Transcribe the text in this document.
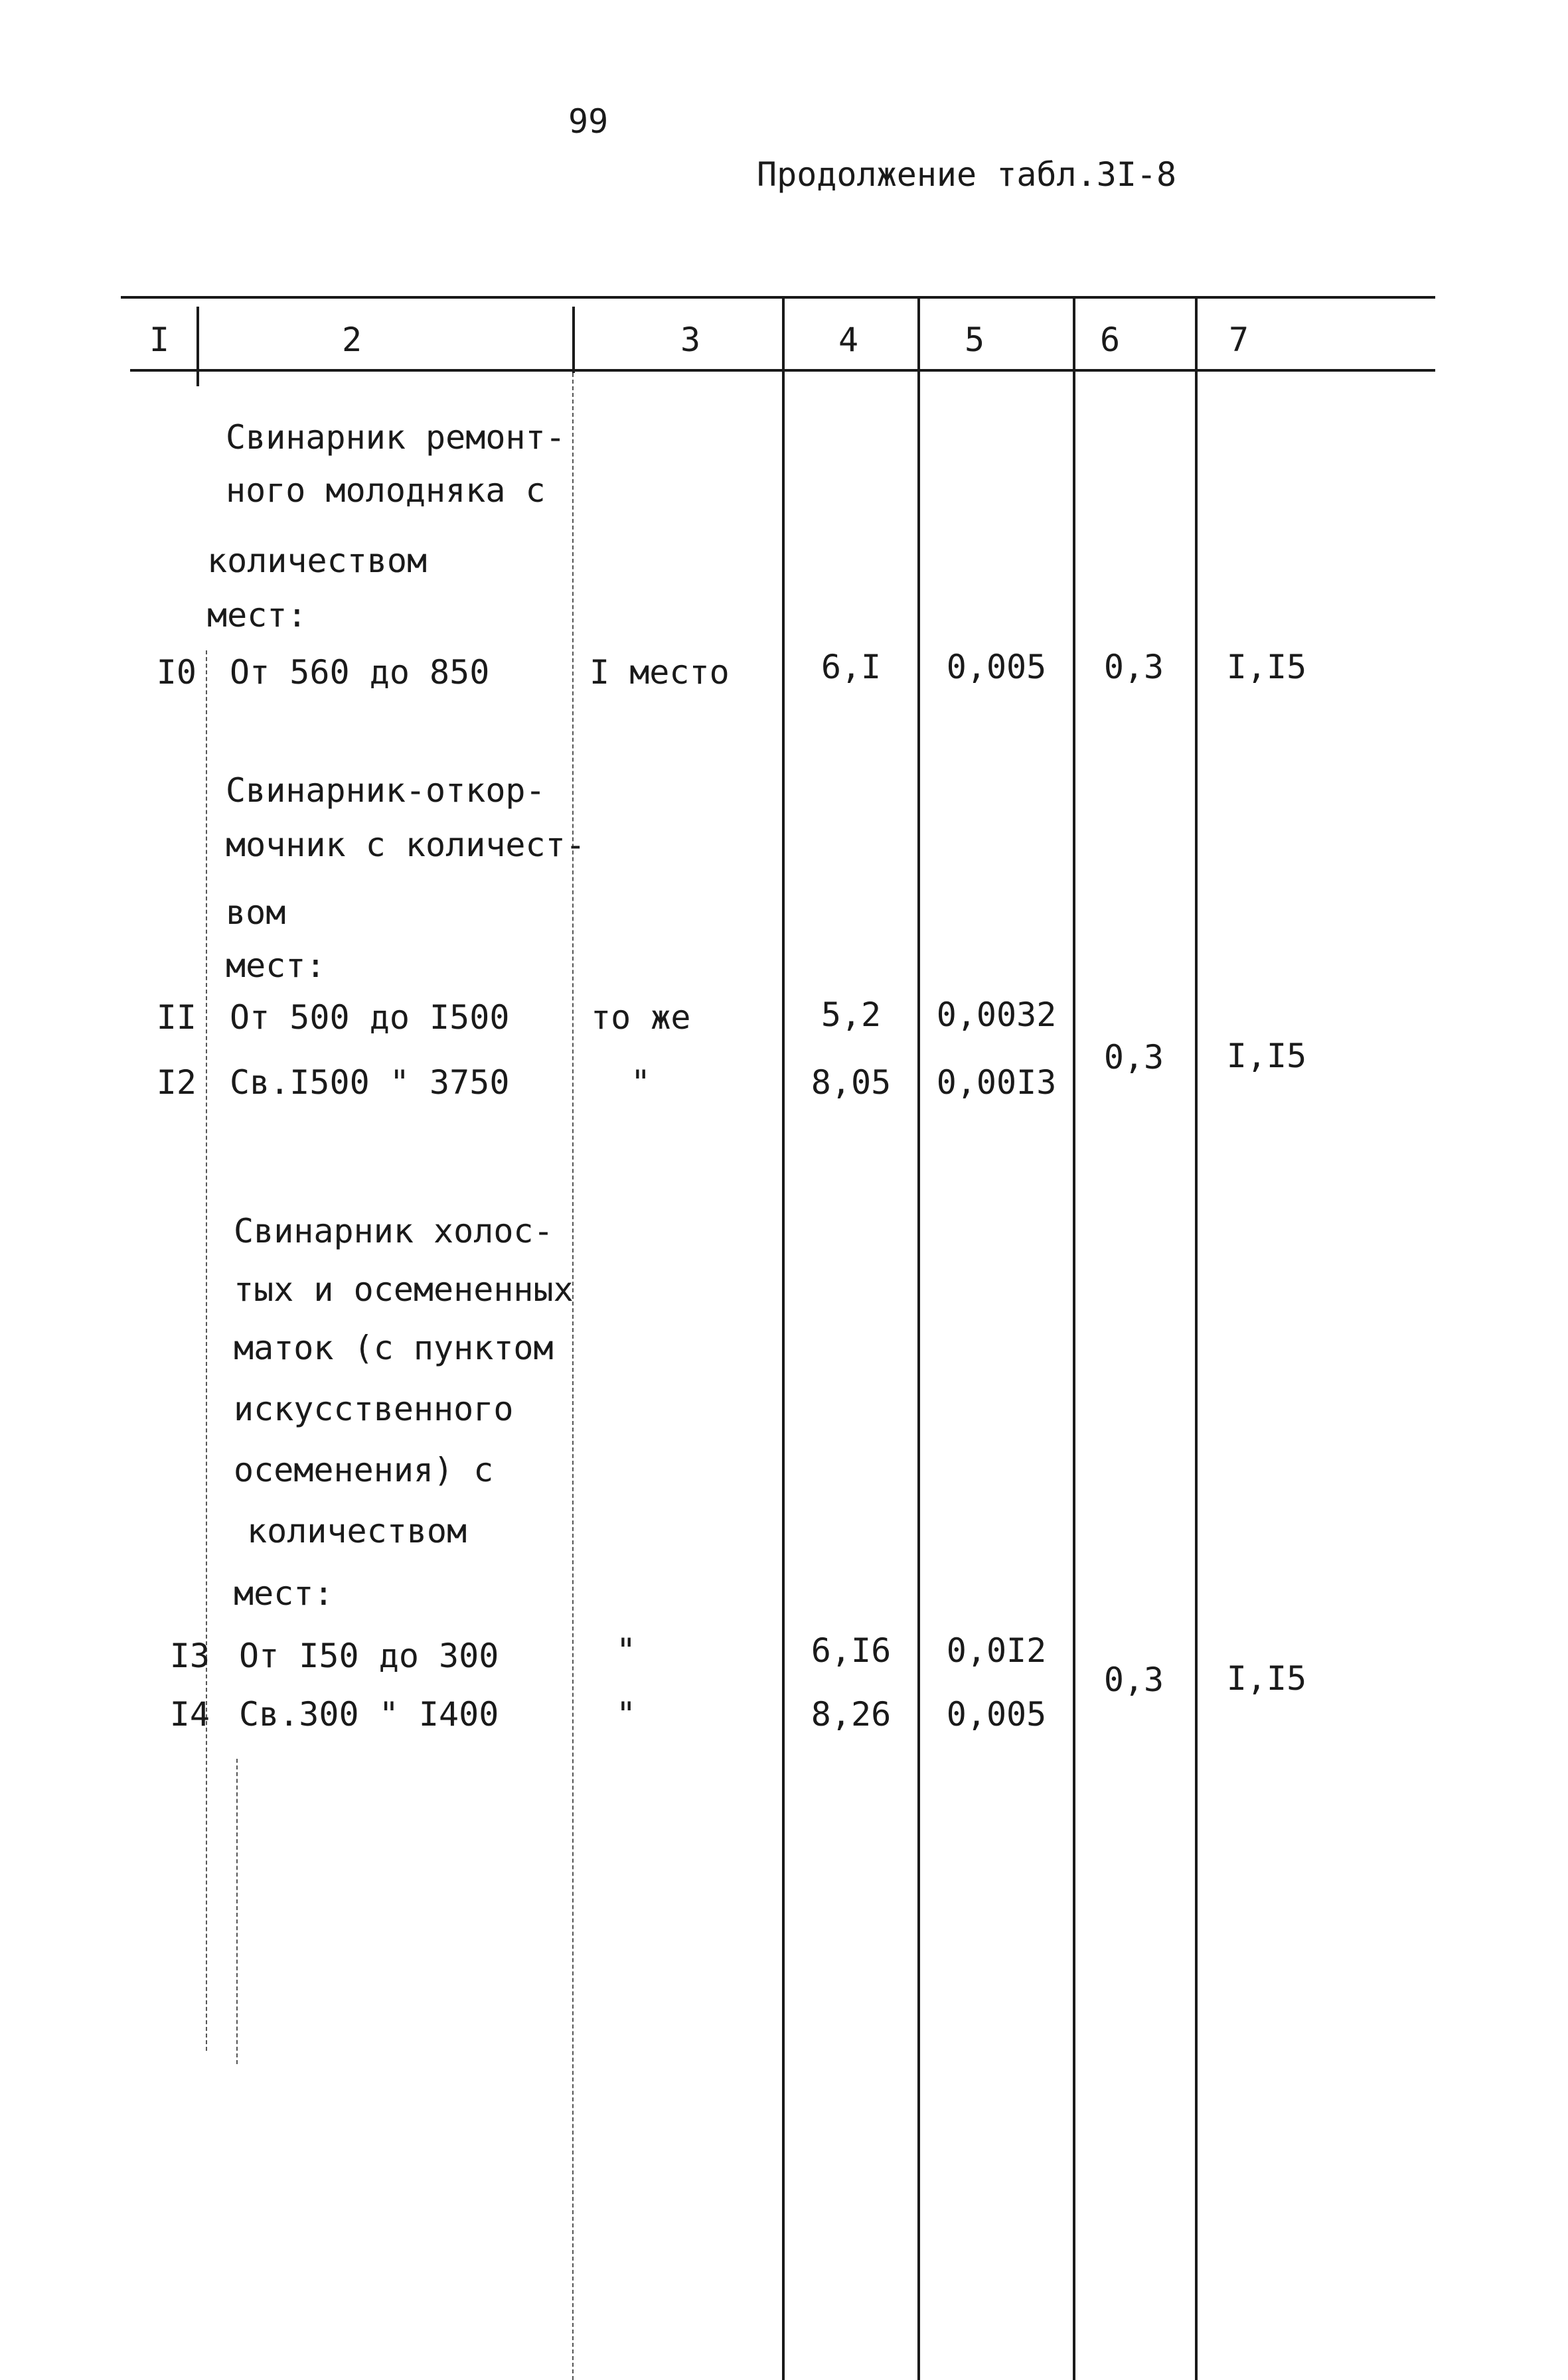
99
Продолжение табл.3I-8
I	2	3	4	5	6	7
Свинарник ремонт-
ного молодняка с
количеством
мест:
I0 От 560 до 850	I место	6,I	0,005	0,3	I,I5
Свинарник-откор-
мочник с количест-
вом
мест:
II От 500 до I500 то же	5,2	0,0032
I2 Св.I500 " 3750	"	8,05	0,00I3
0,3	I,I5
Свинарник холос-
тых и осемененных
маток (с пунктом
искусственного
осеменения) с
количеством
мест:
I3 От I50 до 300	"	6,I6	0,0I2
I4 Св.300 " I400	"	8,26	0,005
0,3	I,I5
